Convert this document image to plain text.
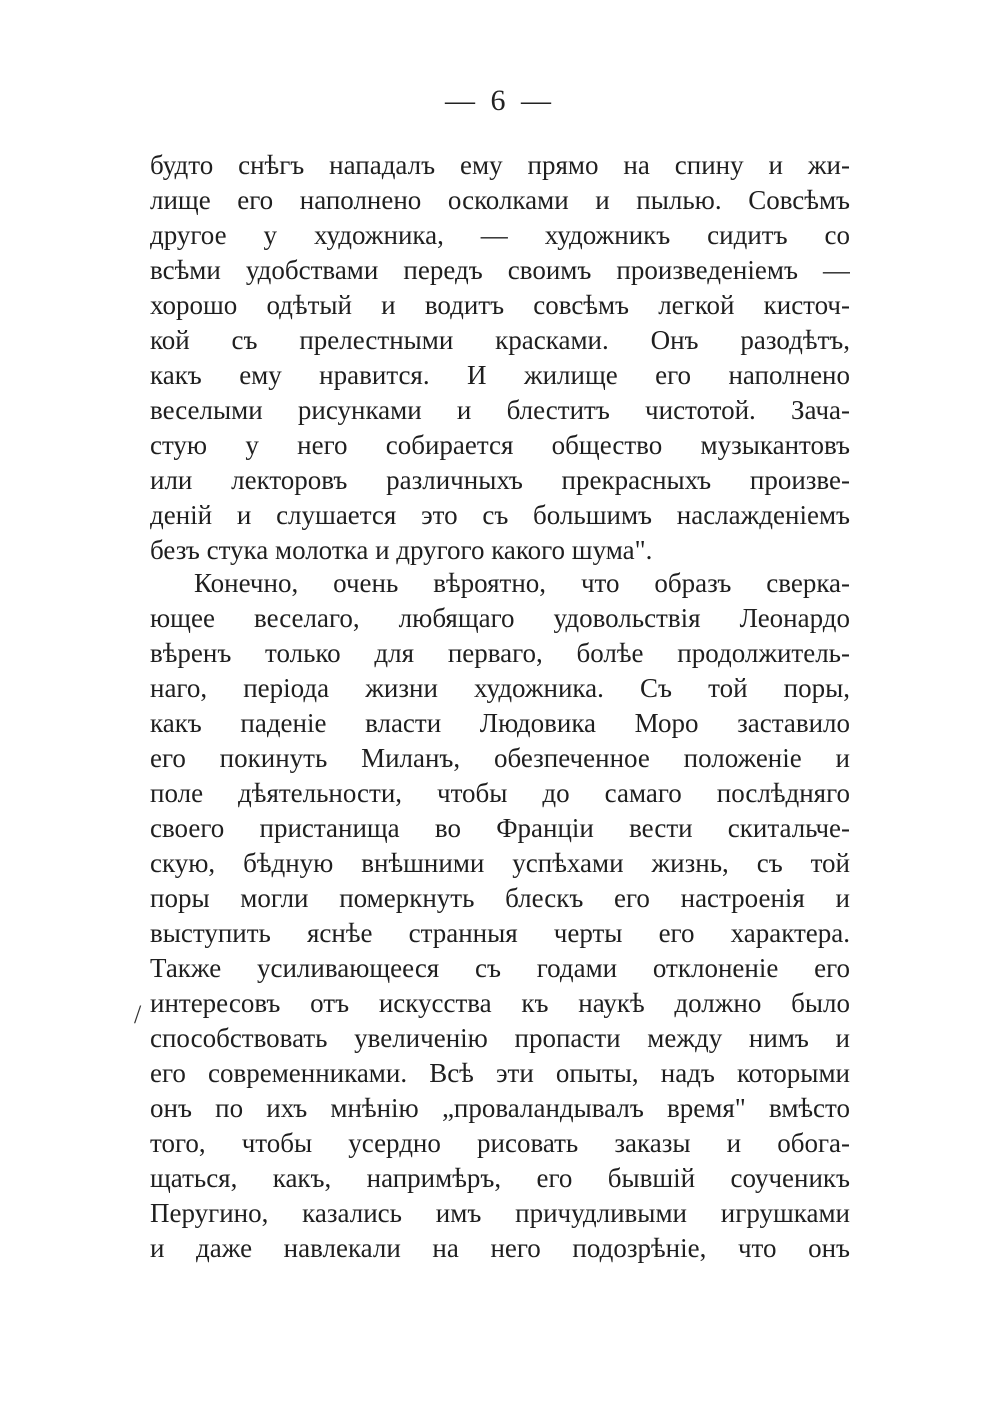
— 6 —
будто снѣгъ нападалъ ему прямо на спину и жи-
лище его наполнено осколками и пылью. Совсѣмъ
другое у художника, — художникъ сидитъ со
всѣми удобствами передъ своимъ произведеніемъ —
хорошо одѣтый и водитъ совсѣмъ легкой кисточ-
кой съ прелестными красками. Онъ разодѣтъ,
какъ ему нравится. И жилище его наполнено
веселыми рисунками и блеститъ чистотой. Зача-
стую у него собирается общество музыкантовъ
или лекторовъ различныхъ прекрасныхъ произве-
деній и слушается это съ большимъ наслажденіемъ
безъ стука молотка и другого какого шума".
Конечно, очень вѣроятно, что образъ сверка-
ющее веселаго, любящаго удовольствія Леонардо
вѣренъ только для перваго, болѣе продолжитель-
наго, періода жизни художника. Съ той поры,
какъ паденіе власти Людовика Моро заставило
его покинуть Миланъ, обезпеченное положеніе и
поле дѣятельности, чтобы до самаго послѣдняго
своего пристанища во Франціи вести скитальче-
скую, бѣдную внѣшними успѣхами жизнь, съ той
поры могли померкнуть блескъ его настроенія и
выступить яснѣе странныя черты его характера.
Также усиливающееся съ годами отклоненіе его
интересовъ отъ искусства къ наукѣ должно было
способствовать увеличенію пропасти между нимъ и
его современниками. Всѣ эти опыты, надъ которыми
онъ по ихъ мнѣнію „проваландывалъ время" вмѣсто
того, чтобы усердно рисовать заказы и обога-
щаться, какъ, напримѣръ, его бывшій соученикъ
Перугино, казались имъ причудливыми игрушками
и даже навлекали на него подозрѣніе, что онъ
/
